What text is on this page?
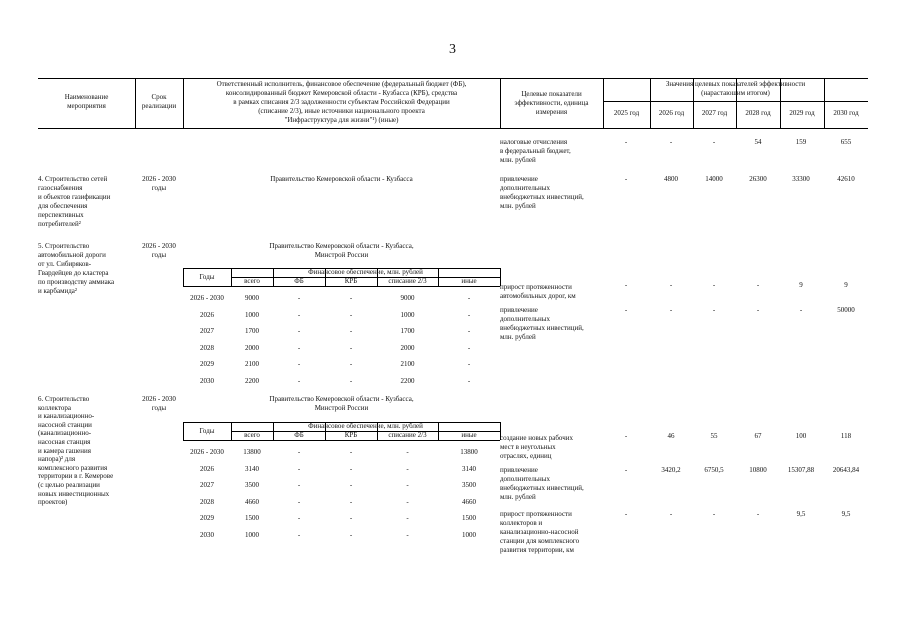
3
Наименование
мероприятия
Срок
реализации
Ответственный исполнитель, финансовое обеспечение (федеральный бюджет (ФБ),
консолидированный бюджет Кемеровской области - Кузбасса (КРБ), средства
в рамках списания 2/3 задолженности субъектам Российской Федерации
(списание 2/3), иные источники национального проекта
"Инфраструктура для жизни"¹) (иные)
Целевые показатели
эффективности, единица
измерения
Значения целевых показателей эффективности
(нарастающим итогом)
2025 год	2026 год	2027 год	2028 год	2029 год	2030 год
налоговые отчисления
в федеральный бюджет,
млн. рублей
-	-	-	54	159	655
4. Строительство сетей
газоснабжения
и объектов газификации
для обеспечения
перспективных
потребителей²
2026 - 2030
годы
Правительство Кемеровской области - Кузбасса	привлечение
дополнительных
внебюджетных инвестиций,
млн. рублей
-	4800	14000	26300	33300	42610
5. Строительство
автомобильной дороги
от ул. Сибиряков-
Гвардейцев до кластера
по производству аммиака
и карбамида²
2026 - 2030
годы
Правительство Кемеровской области - Кузбасса,
Минстрой России
Годы
Финансовое обеспечение, млн. рублей
всего	ФБ	КРБ	списание 2/3	иные
2026 - 2030	9000	-	-	9000	-
2026	1000	-	-	1000	-
2027	1700	-	-	1700	-
2028	2000	-	-	2000	-
2029	2100	-	-	2100	-
2030	2200	-	-	2200	-
прирост протяженности
автомобильных дорог, км
-	-	-	-	9	9
привлечение
дополнительных
внебюджетных инвестиций,
млн. рублей
-	-	-	-	-	50000
6. Строительство
коллектора
и канализационно-
насосной станции
(канализационно-
насосная станция
и камера гашения
напора)² для
комплексного развития
территории в г. Кемерове
(с целью реализации
новых инвестиционных
проектов)
2026 - 2030
годы
Правительство Кемеровской области - Кузбасса,
Минстрой России
Годы
Финансовое обеспечение, млн. рублей
всего	ФБ	КРБ	списание 2/3	иные
2026 - 2030	13800	-	-	-	13800
2026	3140	-	-	-	3140
2027	3500	-	-	-	3500
2028	4660	-	-	-	4660
2029	1500	-	-	-	1500
2030	1000	-	-	-	1000
создание новых рабочих
мест в неугольных
отраслях, единиц
-	46	55	67	100	118
привлечение
дополнительных
внебюджетных инвестиций,
млн. рублей
-	3420,2	6750,5	10800	15307,88	20643,84
прирост протяженности
коллекторов и
канализационно-насосной
станции для комплексного
развития территории, км
-	-	-	-	9,5	9,5
